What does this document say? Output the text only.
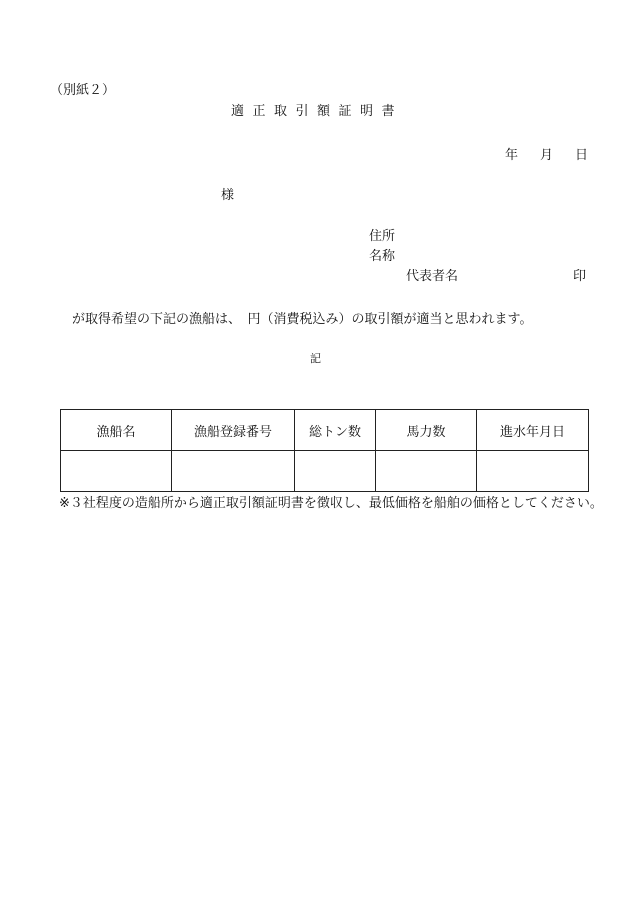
（別紙２）
適正取引額証明書
年 月 日
様
住所
名称
代表者名	印
が取得希望の下記の漁船は、　円（消費税込み）の取引額が適当と思われます。
記
漁船名	漁船登録番号	総トン数	馬力数	進水年月日

※３社程度の造船所から適正取引額証明書を徴収し、最低価格を船舶の価格としてください。
